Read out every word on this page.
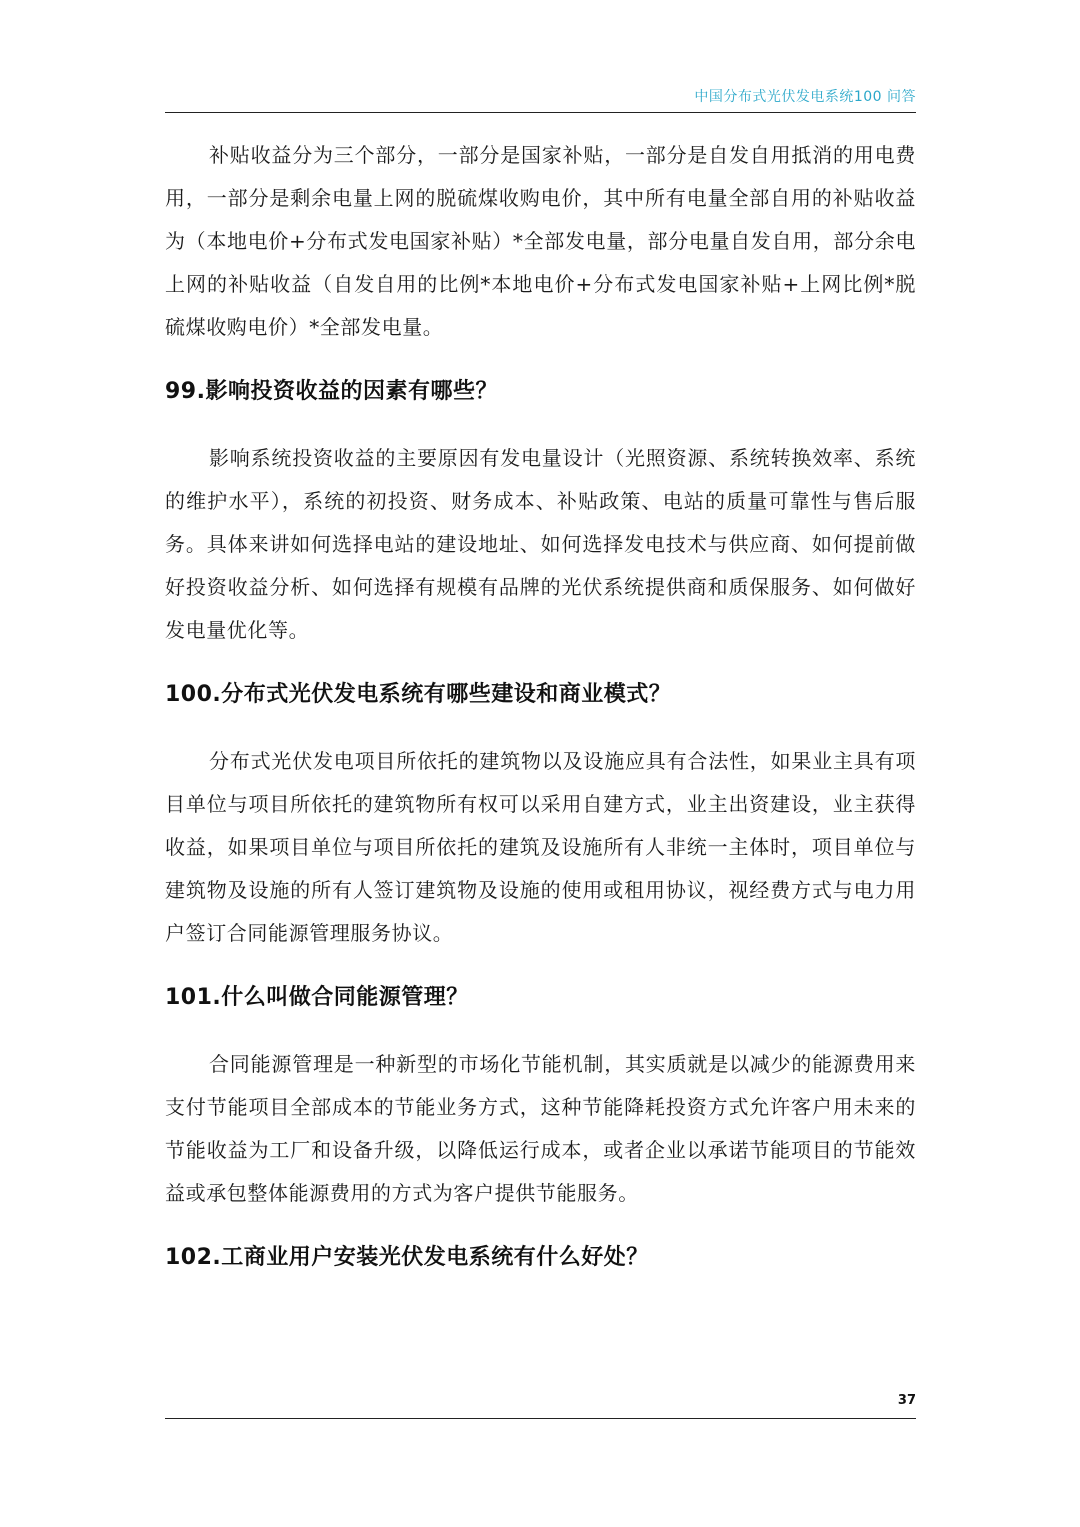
中国分布式光伏发电系统100 问答

补贴收益分为三个部分，一部分是国家补贴，一部分是自发自用抵消的用电费用，一部分是剩余电量上网的脱硫煤收购电价，其中所有电量全部自用的补贴收益为（本地电价+分布式发电国家补贴）*全部发电量，部分电量自发自用，部分余电上网的补贴收益（自发自用的比例*本地电价+分布式发电国家补贴+上网比例*脱硫煤收购电价）*全部发电量。

99.影响投资收益的因素有哪些？

影响系统投资收益的主要原因有发电量设计（光照资源、系统转换效率、系统的维护水平），系统的初投资、财务成本、补贴政策、电站的质量可靠性与售后服务。具体来讲如何选择电站的建设地址、如何选择发电技术与供应商、如何提前做好投资收益分析、如何选择有规模有品牌的光伏系统提供商和质保服务、如何做好发电量优化等。

100.分布式光伏发电系统有哪些建设和商业模式？

分布式光伏发电项目所依托的建筑物以及设施应具有合法性，如果业主具有项目单位与项目所依托的建筑物所有权可以采用自建方式，业主出资建设，业主获得收益，如果项目单位与项目所依托的建筑及设施所有人非统一主体时，项目单位与建筑物及设施的所有人签订建筑物及设施的使用或租用协议，视经费方式与电力用户签订合同能源管理服务协议。

101.什么叫做合同能源管理？

合同能源管理是一种新型的市场化节能机制，其实质就是以减少的能源费用来支付节能项目全部成本的节能业务方式，这种节能降耗投资方式允许客户用未来的节能收益为工厂和设备升级，以降低运行成本，或者企业以承诺节能项目的节能效益或承包整体能源费用的方式为客户提供节能服务。

102.工商业用户安装光伏发电系统有什么好处？
37
